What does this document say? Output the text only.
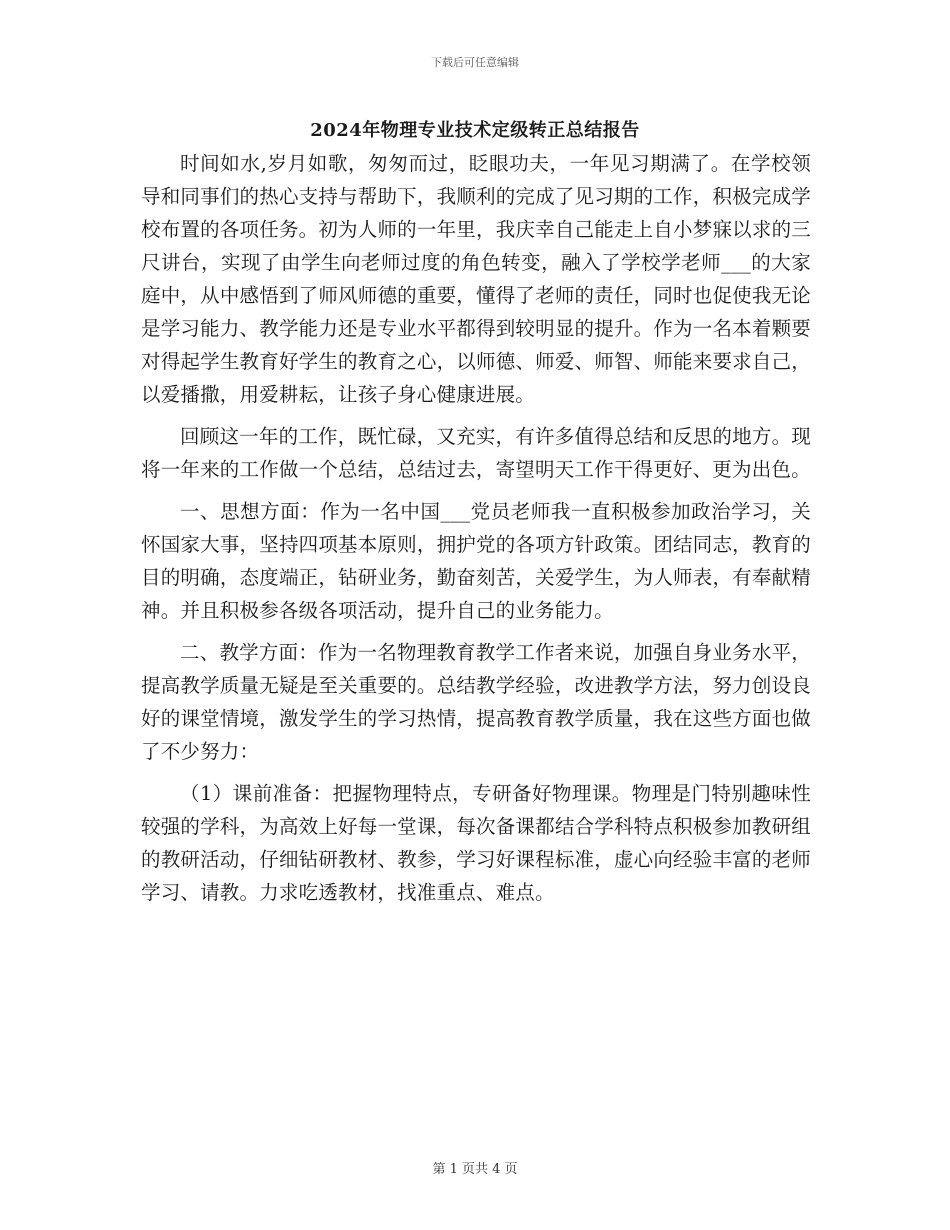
下载后可任意编辑
2024年物理专业技术定级转正总结报告

时间如水,岁月如歌，匆匆而过，眨眼功夫，一年见习期满了。在学校领导和同事们的热心支持与帮助下，我顺利的完成了见习期的工作，积极完成学校布置的各项任务。初为人师的一年里，我庆幸自己能走上自小梦寐以求的三尺讲台，实现了由学生向老师过度的角色转变，融入了学校学老师___的大家庭中，从中感悟到了师风师德的重要，懂得了老师的责任，同时也促使我无论是学习能力、教学能力还是专业水平都得到较明显的提升。作为一名本着颗要对得起学生教育好学生的教育之心，以师德、师爱、师智、师能来要求自己，以爱播撒，用爱耕耘，让孩子身心健康进展。

回顾这一年的工作，既忙碌，又充实，有许多值得总结和反思的地方。现将一年来的工作做一个总结，总结过去，寄望明天工作干得更好、更为出色。

一、思想方面：作为一名中国___党员老师我一直积极参加政治学习，关怀国家大事，坚持四项基本原则，拥护党的各项方针政策。团结同志，教育的目的明确，态度端正，钻研业务，勤奋刻苦，关爱学生，为人师表，有奉献精神。并且积极参各级各项活动，提升自己的业务能力。

二、教学方面：作为一名物理教育教学工作者来说，加强自身业务水平，提高教学质量无疑是至关重要的。总结教学经验，改进教学方法，努力创设良好的课堂情境，激发学生的学习热情，提高教育教学质量，我在这些方面也做了不少努力：

（1）课前准备：把握物理特点，专研备好物理课。物理是门特别趣味性较强的学科，为高效上好每一堂课，每次备课都结合学科特点积极参加教研组的教研活动，仔细钻研教材、教参，学习好课程标准，虚心向经验丰富的老师学习、请教。力求吃透教材，找准重点、难点。

第 1 页共 4 页
